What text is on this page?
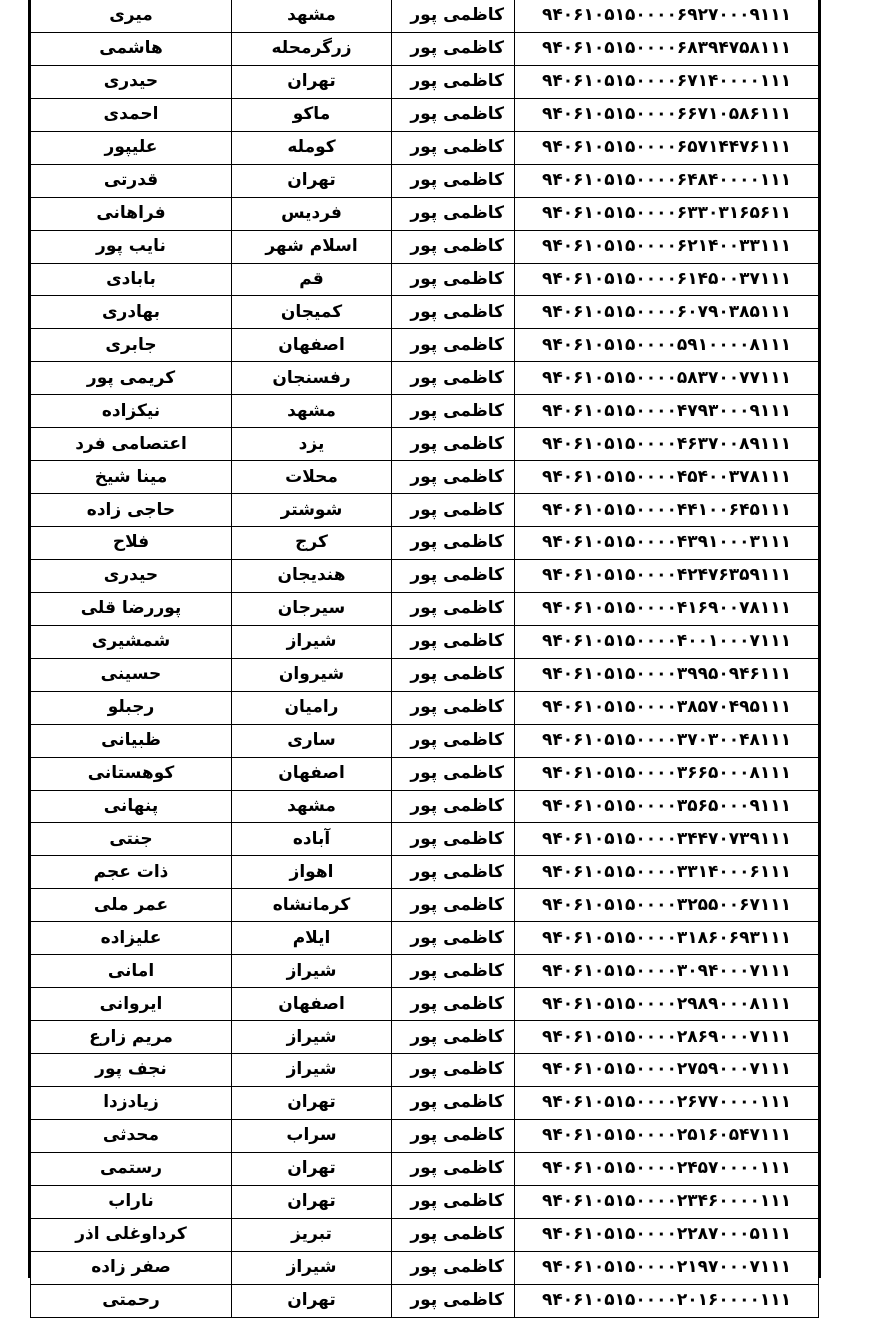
۹۴۰۶۱۰۵۱۵۰۰۰۰۶۹۲۷۰۰۰۹۱۱۱	کاظمی پور	مشهد	میری
۹۴۰۶۱۰۵۱۵۰۰۰۰۶۸۳۹۴۷۵۸۱۱۱	کاظمی پور	زرگرمحله	هاشمی
۹۴۰۶۱۰۵۱۵۰۰۰۰۶۷۱۴۰۰۰۰۱۱۱	کاظمی پور	تهران	حیدری
۹۴۰۶۱۰۵۱۵۰۰۰۰۶۶۷۱۰۵۸۶۱۱۱	کاظمی پور	ماکو	احمدی
۹۴۰۶۱۰۵۱۵۰۰۰۰۶۵۷۱۴۴۷۶۱۱۱	کاظمی پور	کومله	علیپور
۹۴۰۶۱۰۵۱۵۰۰۰۰۶۴۸۴۰۰۰۰۱۱۱	کاظمی پور	تهران	قدرتی
۹۴۰۶۱۰۵۱۵۰۰۰۰۶۳۳۰۳۱۶۵۶۱۱	کاظمی پور	فردیس	فراهانی
۹۴۰۶۱۰۵۱۵۰۰۰۰۶۲۱۴۰۰۳۳۱۱۱	کاظمی پور	اسلام شهر	نایب پور
۹۴۰۶۱۰۵۱۵۰۰۰۰۶۱۴۵۰۰۳۷۱۱۱	کاظمی پور	قم	بابادی
۹۴۰۶۱۰۵۱۵۰۰۰۰۶۰۷۹۰۳۸۵۱۱۱	کاظمی پور	کمیجان	بهادری
۹۴۰۶۱۰۵۱۵۰۰۰۰۵۹۱۰۰۰۰۸۱۱۱	کاظمی پور	اصفهان	جابری
۹۴۰۶۱۰۵۱۵۰۰۰۰۵۸۳۷۰۰۷۷۱۱۱	کاظمی پور	رفسنجان	کریمی پور
۹۴۰۶۱۰۵۱۵۰۰۰۰۴۷۹۳۰۰۰۹۱۱۱	کاظمی پور	مشهد	نیکزاده
۹۴۰۶۱۰۵۱۵۰۰۰۰۴۶۳۷۰۰۸۹۱۱۱	کاظمی پور	یزد	اعتصامی فرد
۹۴۰۶۱۰۵۱۵۰۰۰۰۴۵۴۰۰۳۷۸۱۱۱	کاظمی پور	محلات	مینا شیخ
۹۴۰۶۱۰۵۱۵۰۰۰۰۴۴۱۰۰۶۴۵۱۱۱	کاظمی پور	شوشتر	حاجی زاده
۹۴۰۶۱۰۵۱۵۰۰۰۰۴۳۹۱۰۰۰۳۱۱۱	کاظمی پور	کرج	فلاح
۹۴۰۶۱۰۵۱۵۰۰۰۰۴۲۴۷۶۳۵۹۱۱۱	کاظمی پور	هندیجان	حیدری
۹۴۰۶۱۰۵۱۵۰۰۰۰۴۱۶۹۰۰۷۸۱۱۱	کاظمی پور	سیرجان	پوررضا قلی
۹۴۰۶۱۰۵۱۵۰۰۰۰۴۰۰۱۰۰۰۷۱۱۱	کاظمی پور	شیراز	شمشیری
۹۴۰۶۱۰۵۱۵۰۰۰۰۳۹۹۵۰۹۴۶۱۱۱	کاظمی پور	شیروان	حسینی
۹۴۰۶۱۰۵۱۵۰۰۰۰۳۸۵۷۰۴۹۵۱۱۱	کاظمی پور	رامیان	رجبلو
۹۴۰۶۱۰۵۱۵۰۰۰۰۳۷۰۳۰۰۴۸۱۱۱	کاظمی پور	ساری	ظبیانی
۹۴۰۶۱۰۵۱۵۰۰۰۰۳۶۶۵۰۰۰۸۱۱۱	کاظمی پور	اصفهان	کوهستانی
۹۴۰۶۱۰۵۱۵۰۰۰۰۳۵۶۵۰۰۰۹۱۱۱	کاظمی پور	مشهد	پنهانی
۹۴۰۶۱۰۵۱۵۰۰۰۰۳۴۴۷۰۷۳۹۱۱۱	کاظمی پور	آباده	جنتی
۹۴۰۶۱۰۵۱۵۰۰۰۰۳۳۱۴۰۰۰۶۱۱۱	کاظمی پور	اهواز	ذات عجم
۹۴۰۶۱۰۵۱۵۰۰۰۰۳۲۵۵۰۰۶۷۱۱۱	کاظمی پور	کرمانشاه	عمر ملی
۹۴۰۶۱۰۵۱۵۰۰۰۰۳۱۸۶۰۶۹۳۱۱۱	کاظمی پور	ایلام	علیزاده
۹۴۰۶۱۰۵۱۵۰۰۰۰۳۰۹۴۰۰۰۷۱۱۱	کاظمی پور	شیراز	امانی
۹۴۰۶۱۰۵۱۵۰۰۰۰۲۹۸۹۰۰۰۸۱۱۱	کاظمی پور	اصفهان	ایروانی
۹۴۰۶۱۰۵۱۵۰۰۰۰۲۸۶۹۰۰۰۷۱۱۱	کاظمی پور	شیراز	مریم زارع
۹۴۰۶۱۰۵۱۵۰۰۰۰۲۷۵۹۰۰۰۷۱۱۱	کاظمی پور	شیراز	نجف پور
۹۴۰۶۱۰۵۱۵۰۰۰۰۲۶۷۷۰۰۰۰۱۱۱	کاظمی پور	تهران	زیادزدا
۹۴۰۶۱۰۵۱۵۰۰۰۰۲۵۱۶۰۵۴۷۱۱۱	کاظمی پور	سراب	محدثی
۹۴۰۶۱۰۵۱۵۰۰۰۰۲۴۵۷۰۰۰۰۱۱۱	کاظمی پور	تهران	رستمی
۹۴۰۶۱۰۵۱۵۰۰۰۰۲۳۴۶۰۰۰۰۱۱۱	کاظمی پور	تهران	ناراب
۹۴۰۶۱۰۵۱۵۰۰۰۰۲۲۸۷۰۰۰۵۱۱۱	کاظمی پور	تبریز	کرداوغلی اذر
۹۴۰۶۱۰۵۱۵۰۰۰۰۲۱۹۷۰۰۰۷۱۱۱	کاظمی پور	شیراز	صفر زاده
۹۴۰۶۱۰۵۱۵۰۰۰۰۲۰۱۶۰۰۰۰۱۱۱	کاظمی پور	تهران	رحمتی
